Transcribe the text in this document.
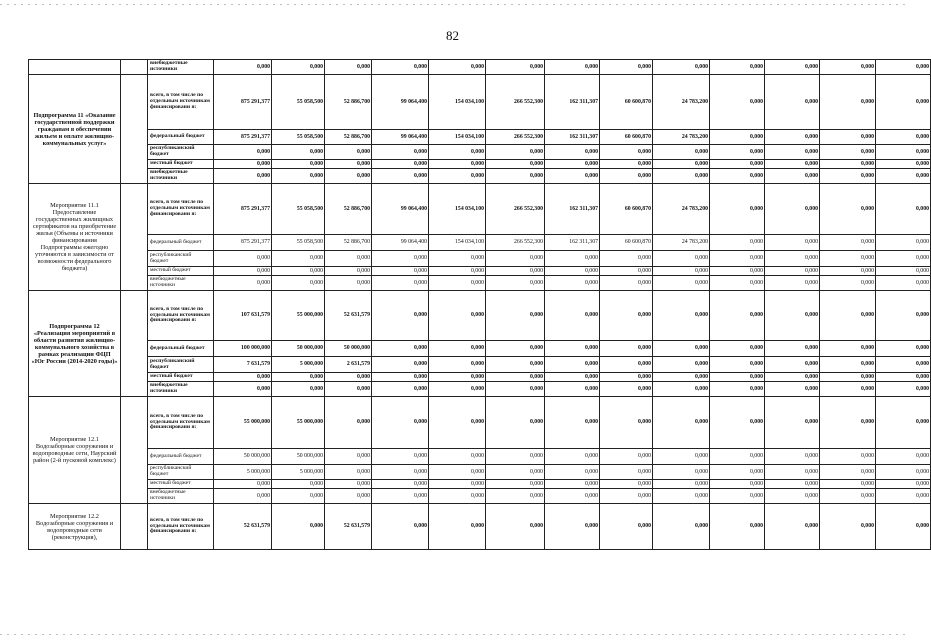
82
		внебюджетные источники	0,000	0,000	0,000	0,000	0,000	0,000	0,000	0,000	0,000	0,000	0,000	0,000	0,000
Подпрограмма 11 «Оказание государственной поддержки гражданам в обеспечении жильем и оплате жилищно-коммунальных услуг»		всего, в том числе по отдельным источникам финансировани я:	875 291,377	55 058,500	52 886,700	99 064,400	154 034,100	266 552,300	162 311,307	60 600,870	24 783,200	0,000	0,000	0,000	0,000
		федеральный бюджет	875 291,377	55 058,500	52 886,700	99 064,400	154 034,100	266 552,300	162 311,307	60 600,870	24 783,200	0,000	0,000	0,000	0,000
		республиканский бюджет	0,000	0,000	0,000	0,000	0,000	0,000	0,000	0,000	0,000	0,000	0,000	0,000	0,000
		местный бюджет	0,000	0,000	0,000	0,000	0,000	0,000	0,000	0,000	0,000	0,000	0,000	0,000	0,000
		внебюджетные источники	0,000	0,000	0,000	0,000	0,000	0,000	0,000	0,000	0,000	0,000	0,000	0,000	0,000
Мероприятие 11.1 Предоставление государственных жилищных сертификатов на приобретение жилья (Объемы и источники финансирования Подпрограммы ежегодно уточняются в зависимости от возможности федерального бюджета)		всего, в том числе по отдельным источникам финансировани я:	875 291,377	55 058,500	52 886,700	99 064,400	154 034,100	266 552,300	162 311,307	60 600,870	24 783,200	0,000	0,000	0,000	0,000
		федеральный бюджет	875 291,377	55 058,500	52 886,700	99 064,400	154 034,100	266 552,300	162 311,307	60 600,870	24 783,200	0,000	0,000	0,000	0,000
		республиканский бюджет	0,000	0,000	0,000	0,000	0,000	0,000	0,000	0,000	0,000	0,000	0,000	0,000	0,000
		местный бюджет	0,000	0,000	0,000	0,000	0,000	0,000	0,000	0,000	0,000	0,000	0,000	0,000	0,000
		внебюджетные источники	0,000	0,000	0,000	0,000	0,000	0,000	0,000	0,000	0,000	0,000	0,000	0,000	0,000
Подпрограмма 12 «Реализация мероприятий в области развития жилищно-коммунального хозяйства в рамках реализации ФЦП «Юг России (2014-2020 годы)»		всего, в том числе по отдельным источникам финансировани я:	107 631,579	55 000,000	52 631,579	0,000	0,000	0,000	0,000	0,000	0,000	0,000	0,000	0,000	0,000
		федеральный бюджет	100 000,000	50 000,000	50 000,000	0,000	0,000	0,000	0,000	0,000	0,000	0,000	0,000	0,000	0,000
		республиканский бюджет	7 631,579	5 000,000	2 631,579	0,000	0,000	0,000	0,000	0,000	0,000	0,000	0,000	0,000	0,000
		местный бюджет	0,000	0,000	0,000	0,000	0,000	0,000	0,000	0,000	0,000	0,000	0,000	0,000	0,000
		внебюджетные источники	0,000	0,000	0,000	0,000	0,000	0,000	0,000	0,000	0,000	0,000	0,000	0,000	0,000
Мероприятие 12.1 Водозаборные сооружения и водопроводные сети, Наурский район (2-й пусковой комплекс)		всего, в том числе по отдельным источникам финансировани я:	55 000,000	55 000,000	0,000	0,000	0,000	0,000	0,000	0,000	0,000	0,000	0,000	0,000	0,000
		федеральный бюджет	50 000,000	50 000,000	0,000	0,000	0,000	0,000	0,000	0,000	0,000	0,000	0,000	0,000	0,000
		республиканский бюджет	5 000,000	5 000,000	0,000	0,000	0,000	0,000	0,000	0,000	0,000	0,000	0,000	0,000	0,000
		местный бюджет	0,000	0,000	0,000	0,000	0,000	0,000	0,000	0,000	0,000	0,000	0,000	0,000	0,000
		внебюджетные источники	0,000	0,000	0,000	0,000	0,000	0,000	0,000	0,000	0,000	0,000	0,000	0,000	0,000
Мероприятие 12.2 Водозаборные сооружения и водопроводные сети (реконструкция),		всего, в том числе по отдельным источникам финансировани я:	52 631,579	0,000	52 631,579	0,000	0,000	0,000	0,000	0,000	0,000	0,000	0,000	0,000	0,000
